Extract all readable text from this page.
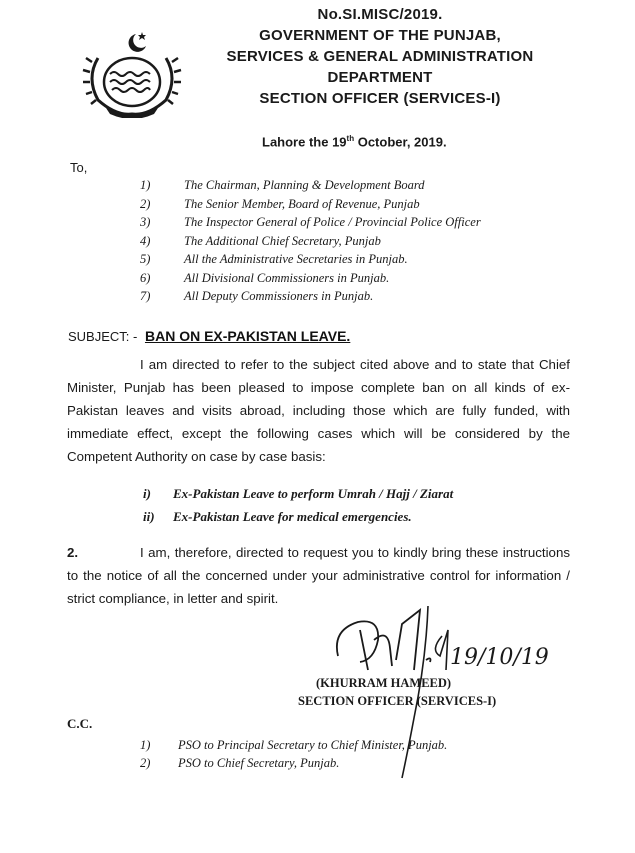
No.SI.MISC/2019.
GOVERNMENT OF THE PUNJAB,
SERVICES & GENERAL ADMINISTRATION
DEPARTMENT
SECTION OFFICER (SERVICES-I)
Lahore the 19th October, 2019.
To,
1)	The Chairman, Planning & Development Board
2)	The Senior Member, Board of Revenue, Punjab
3)	The Inspector General of Police / Provincial Police Officer
4)	The Additional Chief Secretary, Punjab
5)	All the Administrative Secretaries in Punjab.
6)	All Divisional Commissioners in Punjab.
7)	All Deputy Commissioners in Punjab.
SUBJECT: - BAN ON EX-PAKISTAN LEAVE.
I am directed to refer to the subject cited above and to state that Chief Minister, Punjab has been pleased to impose complete ban on all kinds of ex-Pakistan leaves and visits abroad, including those which are fully funded, with immediate effect, except the following cases which will be considered by the Competent Authority on case by case basis:
i)	Ex-Pakistan Leave to perform Umrah / Hajj / Ziarat
ii)	Ex-Pakistan Leave for medical emergencies.
2.	I am, therefore, directed to request you to kindly bring these instructions to the notice of all the concerned under your administrative control for information / strict compliance, in letter and spirit.
19/10/19
(KHURRAM HAMEED)
SECTION OFFICER (SERVICES-I)
C.C.
1)	PSO to Principal Secretary to Chief Minister, Punjab.
2)	PSO to Chief Secretary, Punjab.
